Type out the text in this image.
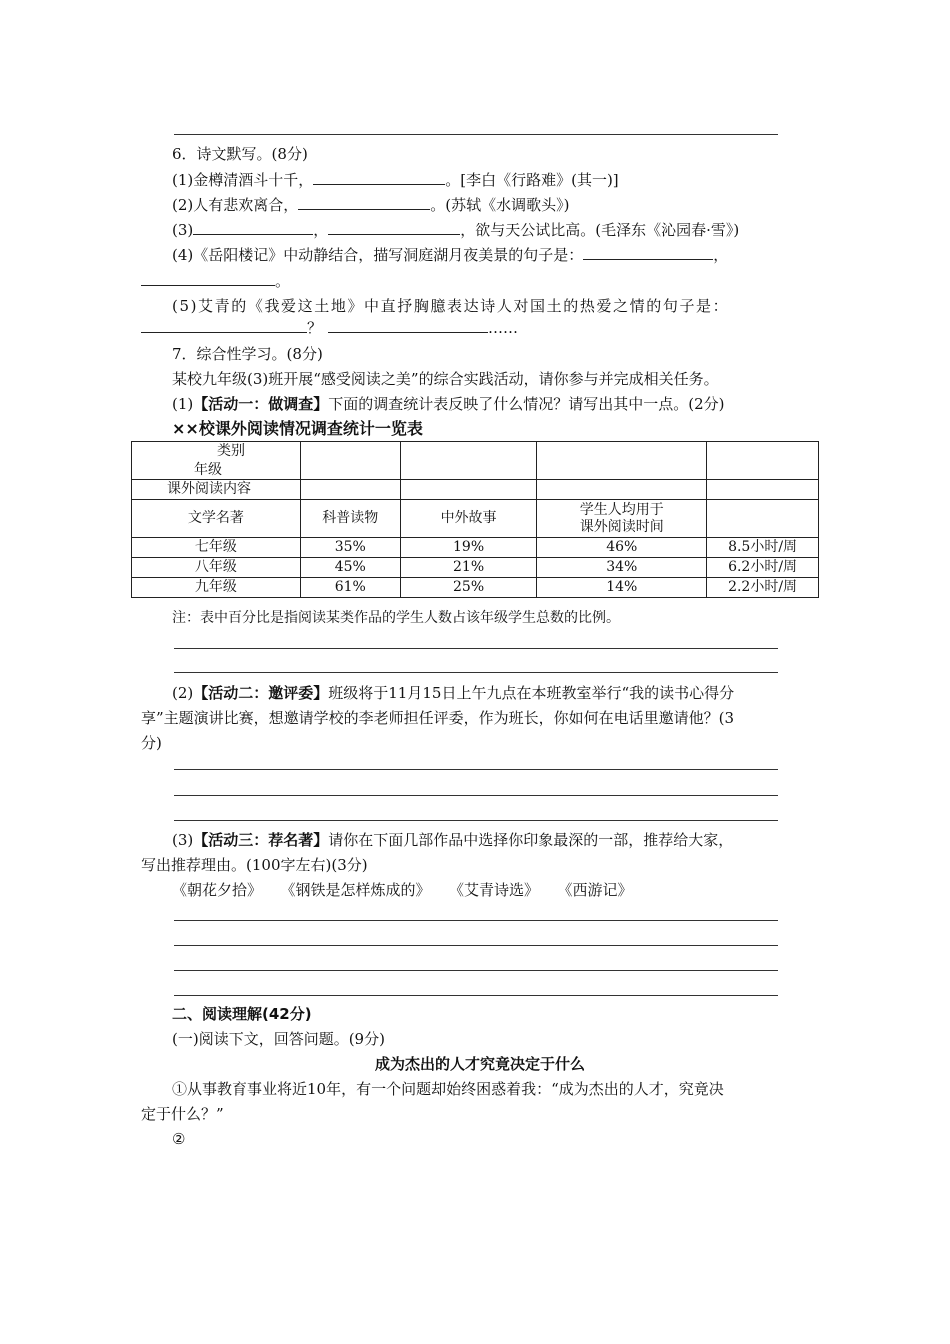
6．诗文默写。(8分)
(1)金樽清酒斗十千，	。[李白《行路难》(其一)]
(2)人有悲欢离合，	。(苏轼《水调歌头》)
(3)	，	，欲与天公试比高。(毛泽东《沁园春·雪》)
(4)《岳阳楼记》中动静结合，描写洞庭湖月夜美景的句子是：	，
。
(5)艾青的《我爱这土地》中直抒胸臆表达诗人对国土的热爱之情的句子是：
？	……
7．综合性学习。(8分)
某校九年级(3)班开展“感受阅读之美”的综合实践活动，请你参与并完成相关任务。
(1)【活动一：做调查】下面的调查统计表反映了什么情况？请写出其中一点。(2分)
××校课外阅读情况调查统计一览表
类别				
年级				
课外阅读内容				
文学名著	科普读物	中外故事	学生人均用于
课外阅读时间	

七年级	35%	19%	46%	8.5小时/周
八年级	45%	21%	34%	6.2小时/周
九年级	61%	25%	14%	2.2小时/周
注：表中百分比是指阅读某类作品的学生人数占该年级学生总数的比例。
(2)【活动二：邀评委】班级将于11月15日上午九点在本班教室举行“我的读书心得分
享”主题演讲比赛，想邀请学校的李老师担任评委，作为班长，你如何在电话里邀请他？(3
分)
(3)【活动三：荐名著】请你在下面几部作品中选择你印象最深的一部，推荐给大家，
写出推荐理由。(100字左右)(3分)
《朝花夕拾》 《钢铁是怎样炼成的》 《艾青诗选》 《西游记》
二、阅读理解(42分)
(一)阅读下文，回答问题。(9分)
成为杰出的人才究竟决定于什么
①从事教育事业将近10年，有一个问题却始终困惑着我：“成为杰出的人才，究竟决
定于什么？”
②
